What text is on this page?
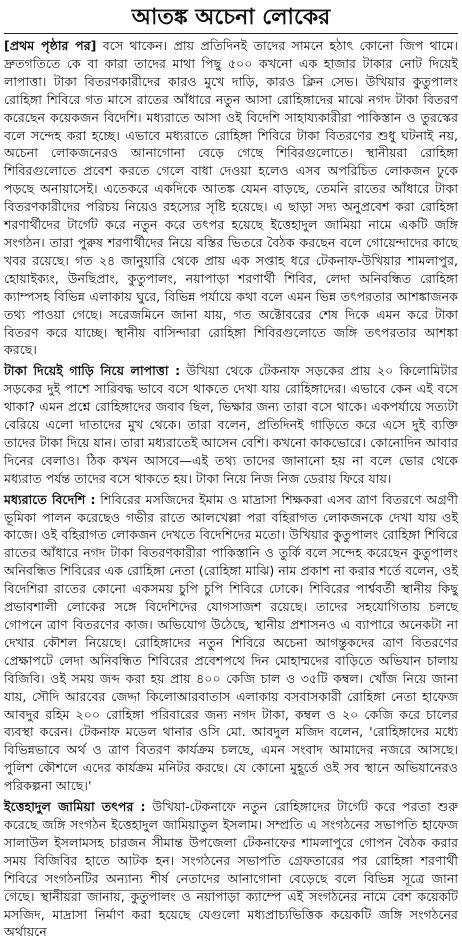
আতঙ্ক অচেনা লোকের

[প্রথম পৃষ্ঠার পর] বসে থাকেন। প্রায় প্রতিদিনই তাদের সামনে হঠাৎ কোনো জিপ থামে। দ্রুতগতিতে কে বা কারা তাদের মাথা পিছু ৫০০ কখনো এক হাজার টাকার নোট দিয়েই লাপাত্তা। টাকা বিতরণকারীদের কারও মুখে দাড়ি, কারও ক্লিন সেভ। উখিয়ার কুতুপালং রোহিঙ্গা শিবিরে গত মাসে রাতের আঁধারে নতুন আসা রোহিঙ্গাদের মাঝে নগদ টাকা বিতরণ করেছেন কয়েকজন বিদেশি। মধ্যরাতে আসা ওই বিদেশি সাহায্যকারীরা পাকিস্তান ও তুরস্কের বলে সন্দেহ করা হচ্ছে। এভাবে মধ্যরাতে রোহিঙ্গা শিবিরে টাকা বিতরণের শুধু ঘটনাই নয়, অচেনা লোকজনেরও আনাগোনা বেড়ে গেছে শিবিরগুলোতে। স্থানীয়রা রোহিঙ্গা শিবিরগুলোতে প্রবেশ করতে গেলে বাধা দেওয়া হলেও এসব অপরিচিত লোকজন ঢুকে পড়ছে অনায়াসেই। এতেকরে একদিকে আতঙ্ক যেমন বাড়ছে, তেমনি রাতের আঁধারে টাকা বিতরণকারীদের পরিচয় নিয়েও রহস্যের সৃষ্টি হয়েছে। এ ছাড়া সদ্য অনুপ্রবেশ করা রোহিঙ্গা শরণার্থীদের টার্গেট করে নতুন করে তৎপর হয়েছে ইত্তেহাদুল জামিয়া নামে একটি জঙ্গি সংগঠন। তারা পুরুষ শরণার্থীদের নিয়ে বস্তির ভিতরে বৈঠক করছেন বলে গোয়েন্দাদের কাছে খবর রয়েছে। গত ২৪ জানুয়ারি থেকে প্রায় এক সপ্তাহ ধরে টেকনাফ-উখিয়ার শামলাপুর, হোয়াইক্যং, উনছিপ্রাং, কুতুপালং, নয়াপাড়া শরণার্থী শিবির, লেদা অনিবন্ধিত রোহিঙ্গা ক্যাম্পসহ বিভিন্ন এলাকায় ঘুরে, বিভিন্ন পর্যায়ে কথা বলে এমন ভিন্ন তৎপরতার আশঙ্কাজনক তথ্য পাওয়া গেছে। সরেজমিনে জানা যায়, গত অক্টোবরের শেষ দিকে এমন করে টাকা বিতরণ করে যাচ্ছে। স্থানীয় বাসিন্দারা রোহিঙ্গা শিবিরগুলোতে জঙ্গি তৎপরতার আশঙ্কা করছে।

টাকা দিয়েই গাড়ি নিয়ে লাপাত্তা : উখিয়া থেকে টেকনাফ সড়কের প্রায় ২০ কিলোমিটার সড়কের দুই পাশে সারিবদ্ধ ভাবে বসে থাকতে দেখা যায় রোহিঙ্গাদের। এভাবে কেন এই বসে থাকা? এমন প্রশ্নে রোহিঙ্গাদের জবাব ছিল, ভিক্ষার জন্য তারা বসে থাকে। একপর্যায়ে সত্যটা বেরিয়ে এলো দাতাদের মুখ থেকে। তারা বলেন, প্রতিদিনই গাড়িতে করে এসে দুই ব্যক্তি তাদের টাকা দিয়ে যান। তারা মধ্যরাতেই আসেন বেশি। কখনো কাকভোরে। কোনোদিন আবার দিনের বেলাও। ঠিক কখন আসবে—এই তথ্য তাদের জানানো হয় না বলে ভোর থেকে মধ্যরাত পর্যন্ত তাদের বসে থাকতে হয়। টাকা নিয়ে নিজ নিজ ডেরায় ফিরে যায়।

মধ্যরাতে বিদেশি : শিবিরের মসজিদের ইমাম ও মাদ্রাসা শিক্ষকরা এসব ত্রাণ বিতরণে অগ্রণী ভূমিকা পালন করেছেও গভীর রাতে আলখেল্লা পরা বহিরাগত লোকজনকে দেখা যায় ওই কাজে। ওই বহিরাগত লোকজন দেখতে বিদেশিদের মতো। উখিয়ার কুতুপালং রোহিঙ্গা শিবিরে রাতের আঁধারে নগদ টাকা বিতরণকারীরা পাকিস্তানি ও তুর্কি বলে সন্দেহ করেছেন কুতুপালং অনিবন্ধিত শিবিরের এক রোহিঙ্গা নেতা (রোহিঙ্গা মাঝি) নাম প্রকাশ না করার শর্তে বলেন, ওই বিদেশিরা রাতের কোনো একসময় চুপি চুপি শিবিরে ঢোকে। শিবিরের পার্শ্ববর্তী স্থানীয় কিছু প্রভাবশালী লোকের সঙ্গে বিদেশিদের যোগসাজশ রয়েছে। তাদের সহযোগিতায় চলছে গোপনে ত্রাণ বিতরণের কাজ। অভিযোগ উঠেছে, স্থানীয় প্রশাসনও এ ব্যাপারে অনেকটা না দেখার কৌশল নিয়েছে। রোহিঙ্গাদের নতুন শিবিরে অচেনা আগন্তুকদের ত্রাণ বিতরণের প্রেক্ষাপটে লেদা অনিবন্ধিত শিবিরের প্রবেশপথে দিন মোহাম্মদের বাড়িতে অভিযান চালায় বিজিবি। ওই সময় জব্দ করা হয় প্রায় ৪০০ কেজি চাল ও ৩৫টি কম্বল। খোঁজ নিয়ে জানা যায়, সৌদি আরবের জেদ্দা কিলোআরবাতাস এলাকায় বসবাসকারী রোহিঙ্গা নেতা হাফেজ আবদুর রহিম ২০০ রোহিঙ্গা পরিবারের জন্য নগদ টাকা, কম্বল ও ২০ কেজি করে চালের ব্যবস্থা করেন। টেকনাফ মডেল থানার ওসি মো. আবদুল মজিদ বলেন, 'রোহিঙ্গাদের মধ্যে বিভিন্নভাবে অর্থ ও ত্রাণ বিতরণ কার্যক্রম চলছে, এমন সংবাদ আমাদের নজরে আসছে। পুলিশ কৌশলে এদের কার্যক্রম মনিটর করছে। যে কোনো মুহূর্তে ওই সব স্থানে অভিযানেরও পরিকল্পনা আছে।'

ইত্তেহাদুল জামিয়া তৎপর : উখিয়া-টেকনাফে নতুন রোহিঙ্গাদের টার্গেট করে পরতা শুরু করেছে জঙ্গি সংগঠন ইত্তেহাদুল জামিয়াতুল ইসলাম। সম্প্রতি এ সংগঠনের সভাপতি হাফেজ সালাউল ইসলামসহ চারজন সীমান্ত উপজেলা টেকনাফের শামলাপুরে গোপন বৈঠক করার সময় বিজিবির হাতে আটক হন। সংগঠনের সভাপতি গ্রেফতারের পর রোহিঙ্গা শরণার্থী শিবিরে সংগঠনটির অন্যান্য শীর্ষ নেতাদের আনাগোনা বেড়েছে বলে বিভিন্ন সূত্রে জানা গেছে। স্থানীয়রা জানায়, কুতুপালং ও নয়াপাড়া ক্যাম্পে এই সংগঠনের নামে বেশ কয়েকটি মসজিদ, মাদ্রাসা নির্মাণ করা হয়েছে যেগুলো মধ্যপ্রাচ্যভিত্তিক কয়েকটি জঙ্গি সংগঠনের অর্থায়নে
